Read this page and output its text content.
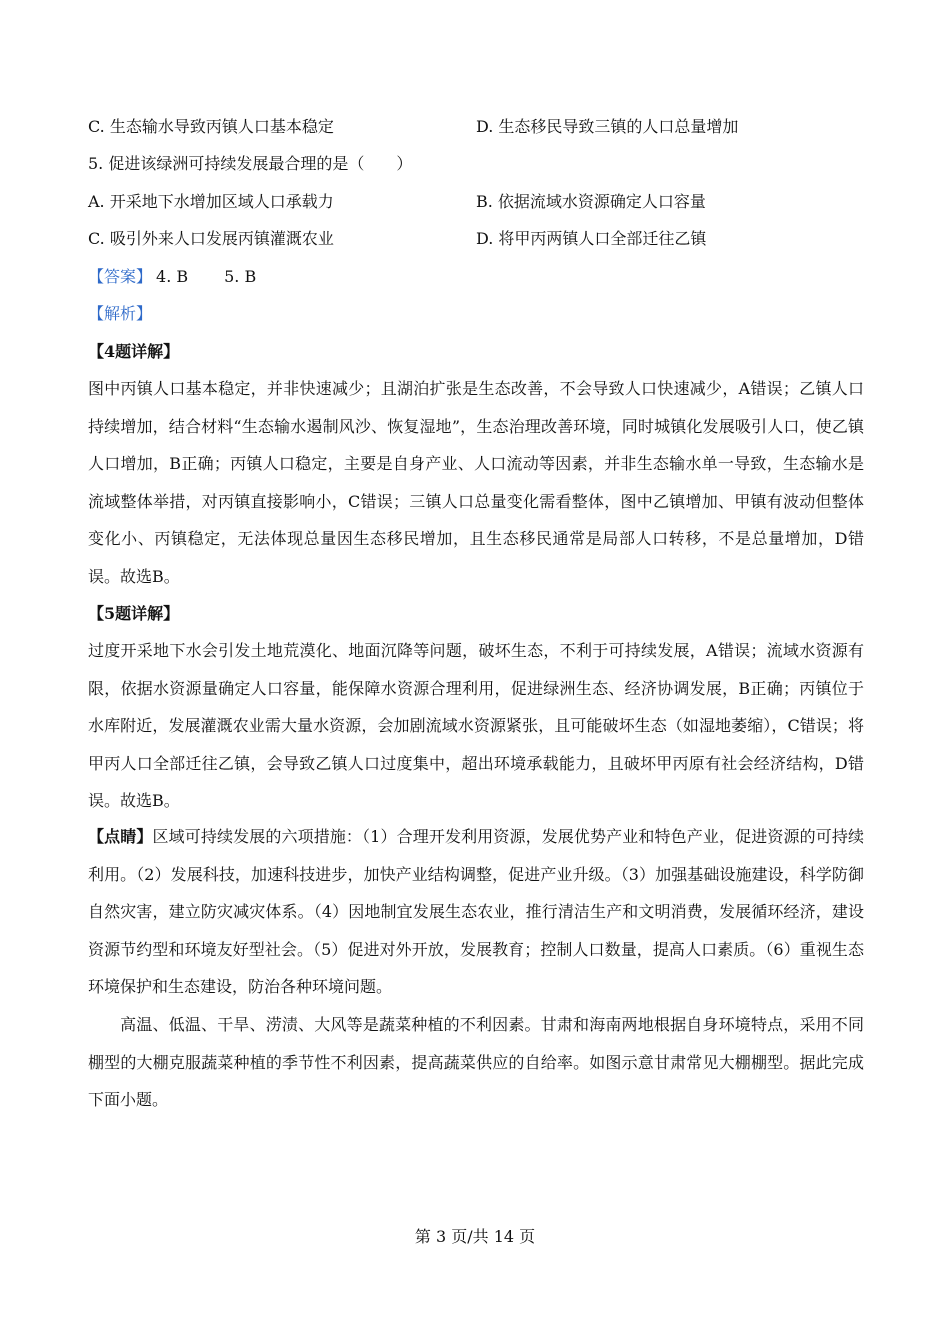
C. 生态输水导致丙镇人口基本稳定	D. 生态移民导致三镇的人口总量增加
5. 促进该绿洲可持续发展最合理的是（　　）
A. 开采地下水增加区域人口承载力	B. 依据流域水资源确定人口容量
C. 吸引外来人口发展丙镇灌溉农业	D. 将甲丙两镇人口全部迁往乙镇
【答案】 4. B 5. B
【解析】
【4题详解】
图中丙镇人口基本稳定，并非快速减少；且湖泊扩张是生态改善，不会导致人口快速减少，A错误；乙镇人口持续增加，结合材料“生态输水遏制风沙、恢复湿地”，生态治理改善环境，同时城镇化发展吸引人口，使乙镇人口增加，B正确；丙镇人口稳定，主要是自身产业、人口流动等因素，并非生态输水单一导致，生态输水是流域整体举措，对丙镇直接影响小，C错误；三镇人口总量变化需看整体，图中乙镇增加、甲镇有波动但整体变化小、丙镇稳定，无法体现总量因生态移民增加，且生态移民通常是局部人口转移，不是总量增加，D错误。故选B。
【5题详解】
过度开采地下水会引发土地荒漠化、地面沉降等问题，破坏生态，不利于可持续发展，A错误；流域水资源有限，依据水资源量确定人口容量，能保障水资源合理利用，促进绿洲生态、经济协调发展，B正确；丙镇位于水库附近，发展灌溉农业需大量水资源，会加剧流域水资源紧张，且可能破坏生态（如湿地萎缩），C错误；将甲丙人口全部迁往乙镇，会导致乙镇人口过度集中，超出环境承载能力，且破坏甲丙原有社会经济结构，D错误。故选B。
【点睛】区域可持续发展的六项措施：（1）合理开发利用资源，发展优势产业和特色产业，促进资源的可持续利用。（2）发展科技，加速科技进步，加快产业结构调整，促进产业升级。（3）加强基础设施建设，科学防御自然灾害，建立防灾减灾体系。（4）因地制宜发展生态农业，推行清洁生产和文明消费，发展循环经济，建设资源节约型和环境友好型社会。（5）促进对外开放，发展教育；控制人口数量，提高人口素质。（6）重视生态环境保护和生态建设，防治各种环境问题。
高温、低温、干旱、涝渍、大风等是蔬菜种植的不利因素。甘肃和海南两地根据自身环境特点，采用不同棚型的大棚克服蔬菜种植的季节性不利因素，提高蔬菜供应的自给率。如图示意甘肃常见大棚棚型。据此完成下面小题。
第 3 页/共 14 页
